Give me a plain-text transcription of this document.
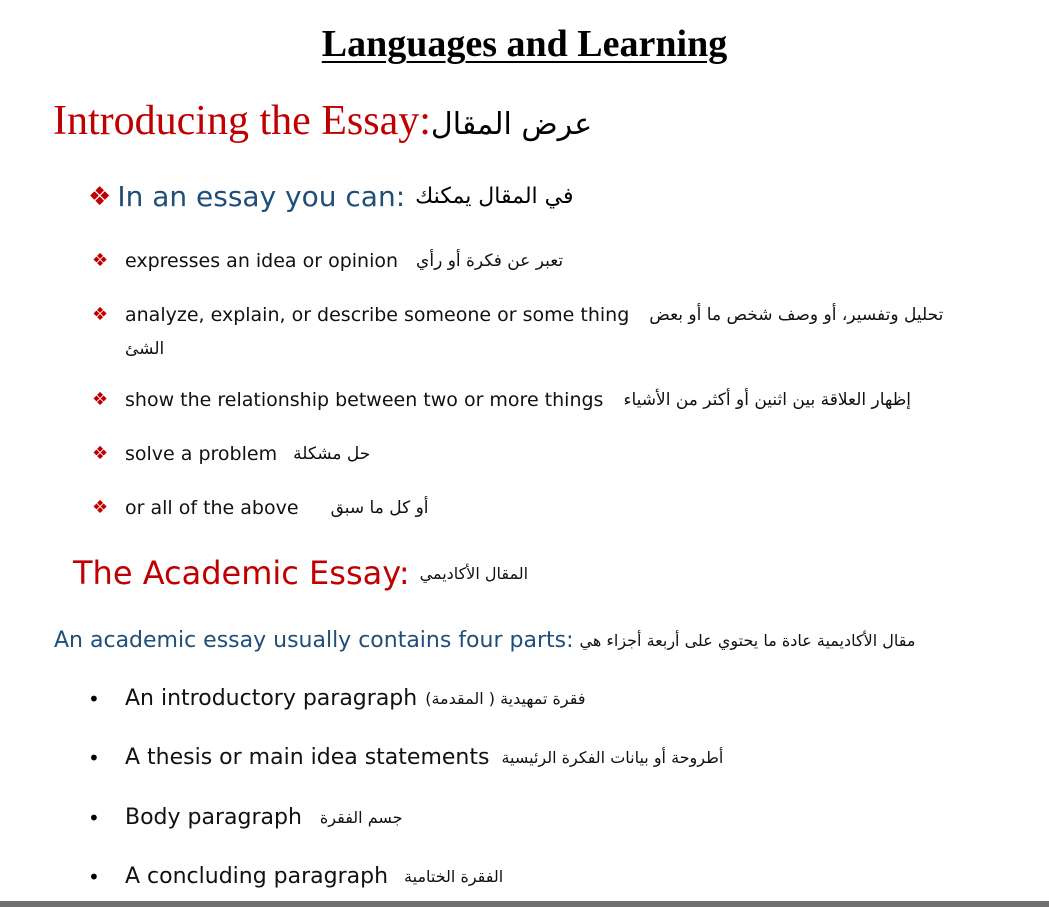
Languages and Learning
Introducing the Essay:عرض المقال
❖ In an essay you can: في المقال يمكنك
❖ expresses an idea or opinion تعبر عن فكرة أو رأي
❖ analyze, explain, or describe someone or some thing تحليل وتفسير، أو وصف شخص ما أو بعض
الشئ
❖ show the relationship between two or more things إظهار العلاقة بين اثنين أو أكثر من الأشياء
❖ solve a problem حل مشكلة
❖ or all of the above أو كل ما سبق
The Academic Essay: المقال الأكاديمي
An academic essay usually contains four parts: مقال الأكاديمية عادة ما يحتوي على أربعة أجزاء هي
•	An introductory paragraph فقرة تمهيدية ( المقدمة)
•	A thesis or main idea statements أطروحة أو بيانات الفكرة الرئيسية
•	Body paragraph جسم الفقرة
•	A concluding paragraph الفقرة الختامية
